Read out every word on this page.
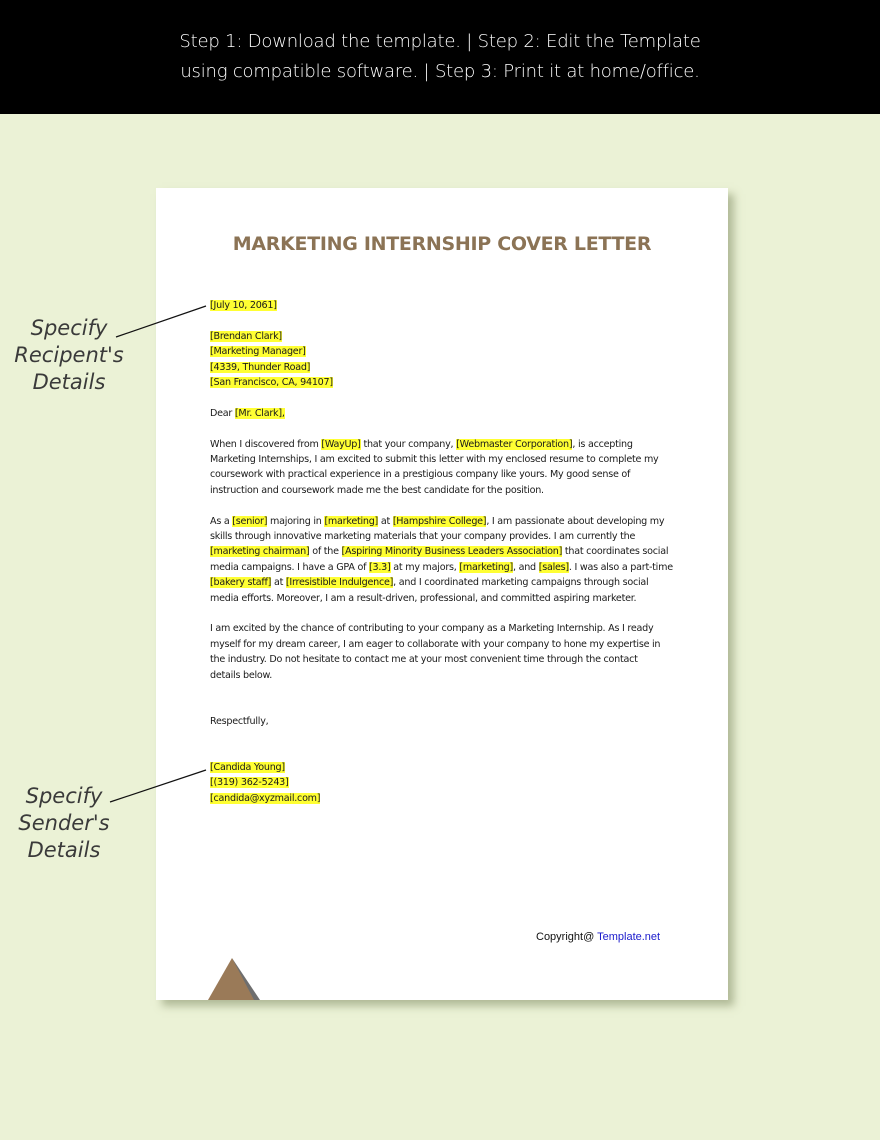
Step 1: Download the template. | Step 2: Edit the Template
using compatible software. | Step 3: Print it at home/office.
Specify
Recipent's
Details
Specify
Sender's
Details
MARKETING INTERNSHIP COVER LETTER
[July 10, 2061]
[Brendan Clark]
[Marketing Manager]
[4339, Thunder Road]
[San Francisco, CA, 94107]
Dear [Mr. Clark],
When I discovered from [WayUp] that your company, [Webmaster Corporation], is accepting
Marketing Internships, I am excited to submit this letter with my enclosed resume to complete my
coursework with practical experience in a prestigious company like yours. My good sense of
instruction and coursework made me the best candidate for the position.
As a [senior] majoring in [marketing] at [Hampshire College], I am passionate about developing my
skills through innovative marketing materials that your company provides. I am currently the
[marketing chairman] of the [Aspiring Minority Business Leaders Association] that coordinates social
media campaigns. I have a GPA of [3.3] at my majors, [marketing], and [sales]. I was also a part-time
[bakery staff] at [Irresistible Indulgence], and I coordinated marketing campaigns through social
media efforts. Moreover, I am a result-driven, professional, and committed aspiring marketer.
I am excited by the chance of contributing to your company as a Marketing Internship. As I ready
myself for my dream career, I am eager to collaborate with your company to hone my expertise in
the industry. Do not hesitate to contact me at your most convenient time through the contact
details below.
Respectfully,
[Candida Young]
[(319) 362-5243]
[candida@xyzmail.com]
Copyright@ Template.net
